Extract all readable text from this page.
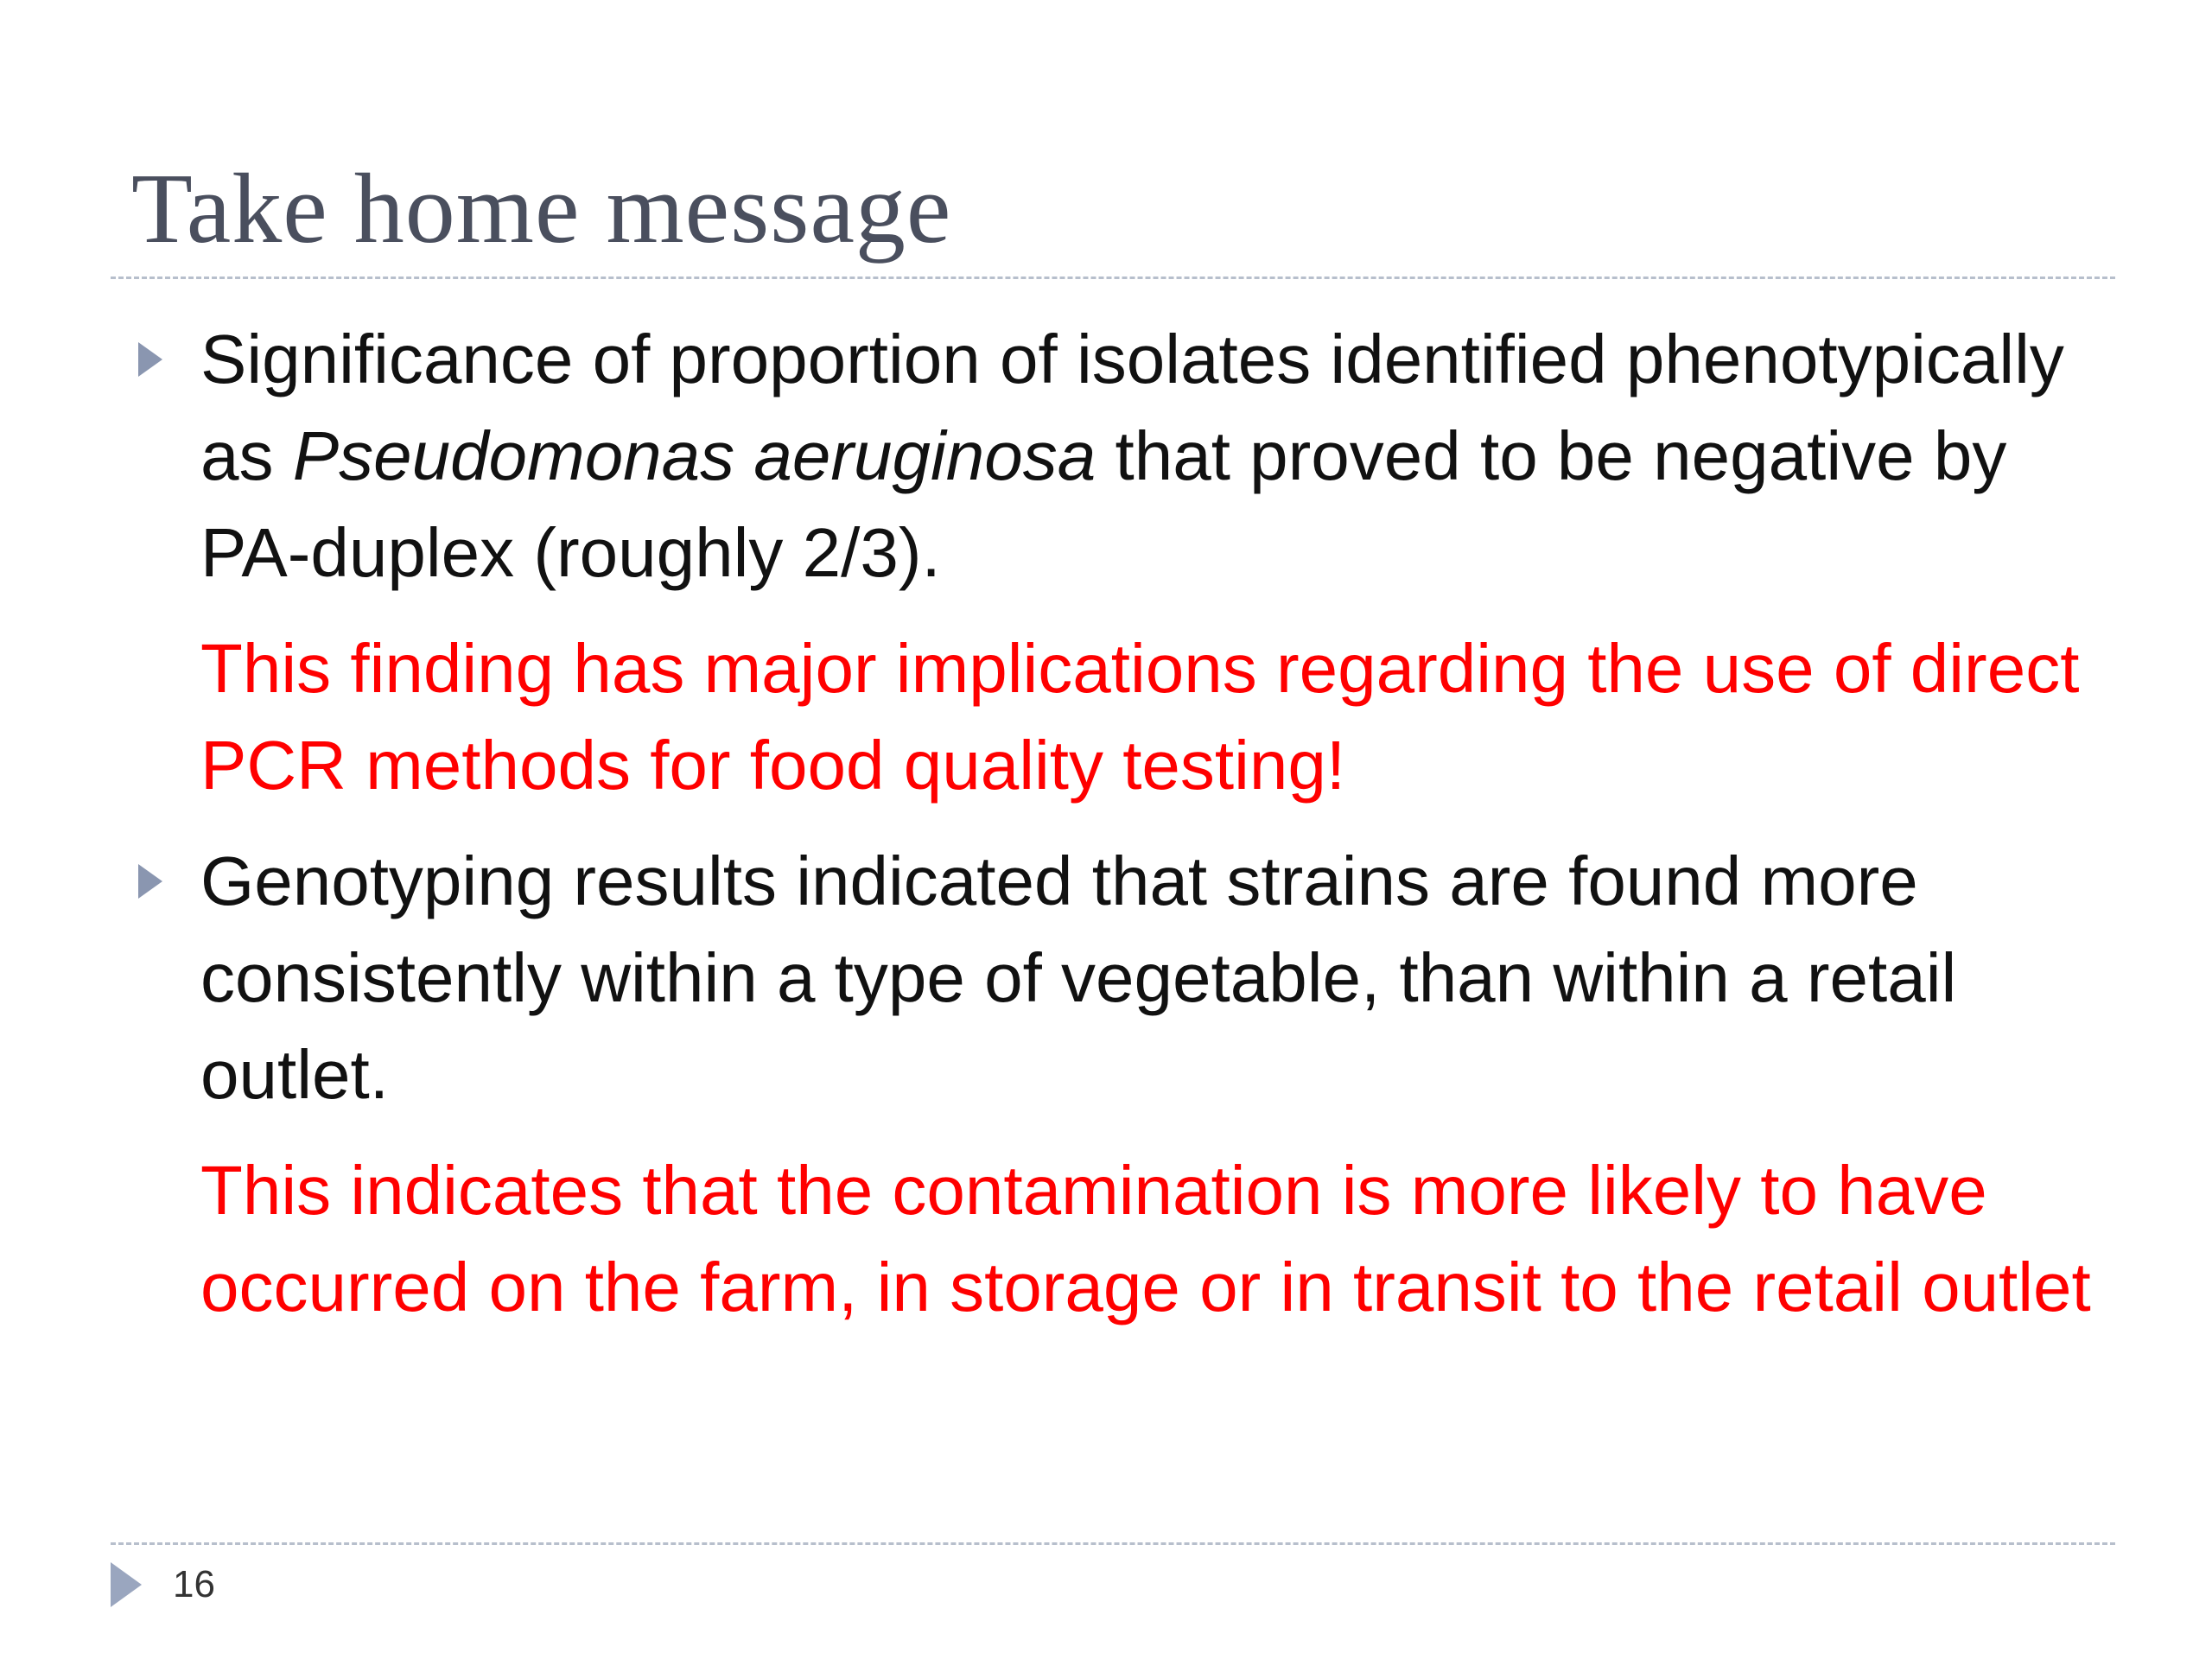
Take home message
Significance of proportion of isolates identified phenotypically as Pseudomonas aeruginosa that proved to be negative by PA-duplex (roughly 2/3).
This finding has major implications regarding the use of direct PCR methods for food quality testing!
Genotyping results indicated that strains are found more consistently within a type of vegetable, than within a retail outlet.
This indicates that the contamination is more likely to have occurred on the farm, in storage or in transit to the retail outlet
16
